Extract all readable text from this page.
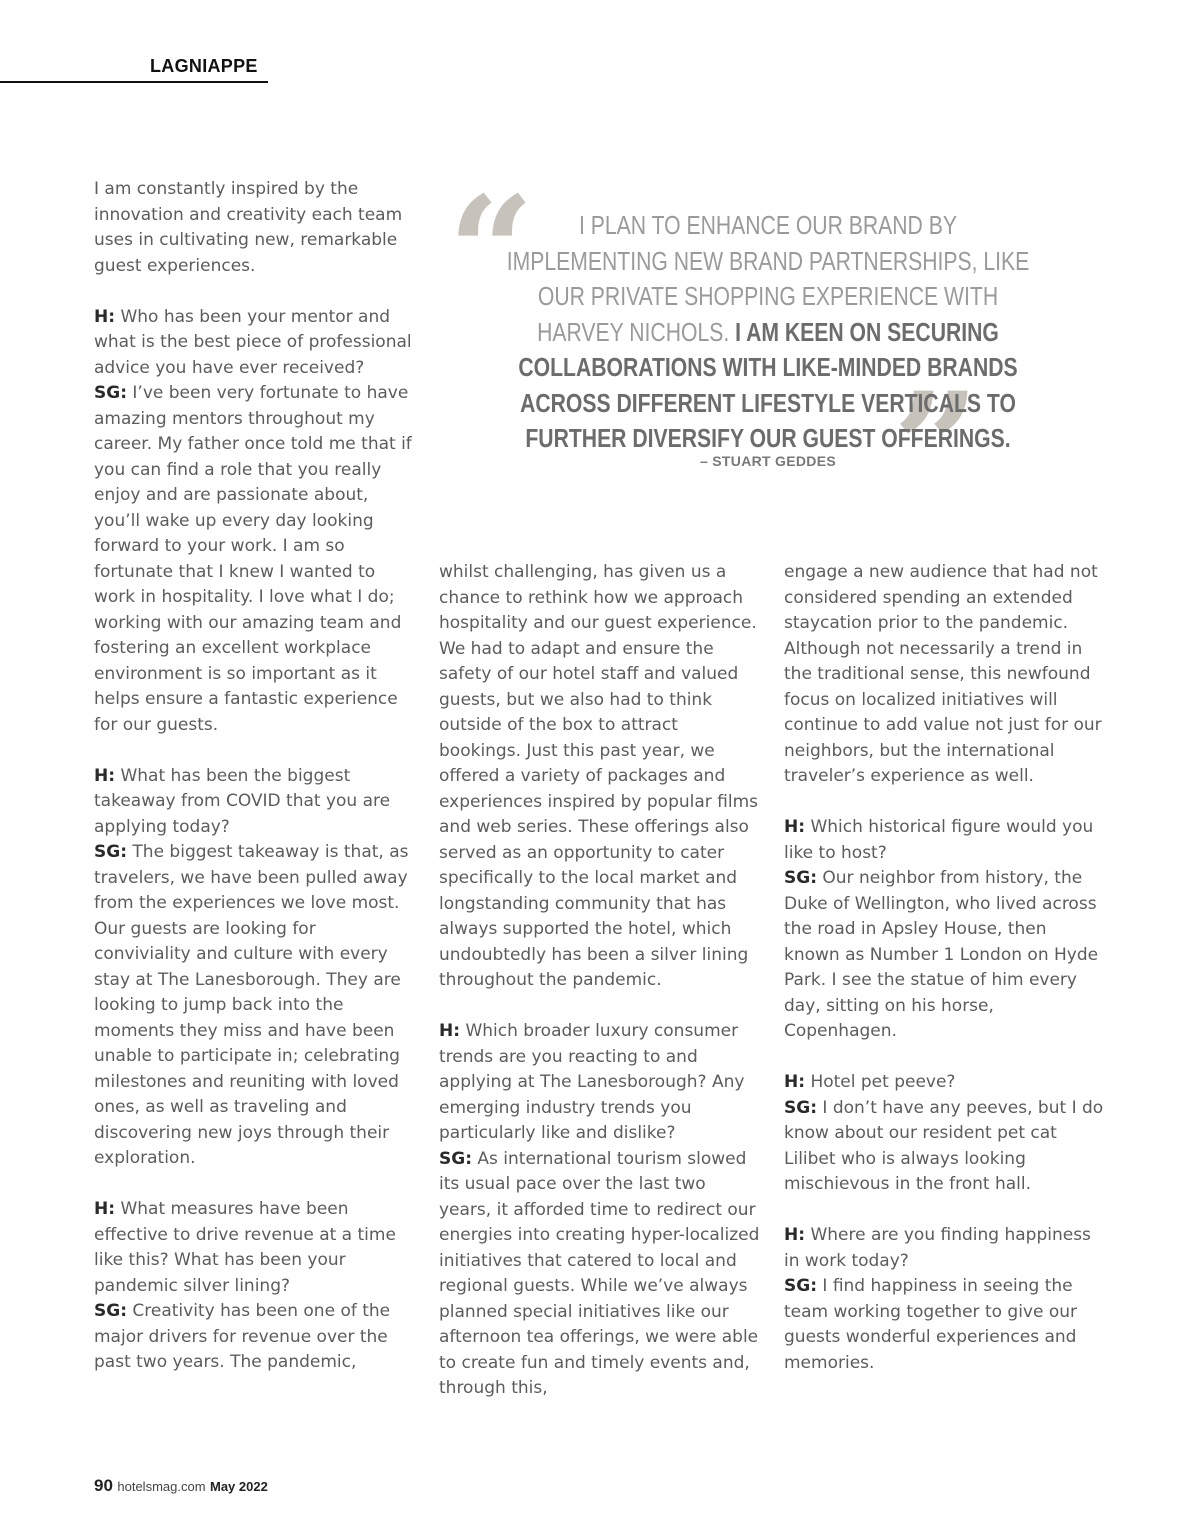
LAGNIAPPE

I am constantly inspired by the innovation and creativity each team uses in cultivating new, remarkable guest experiences.

H: Who has been your mentor and what is the best piece of professional advice you have ever received?
SG: I’ve been very fortunate to have amazing mentors throughout my career. My father once told me that if you can find a role that you really enjoy and are passionate about, you’ll wake up every day looking forward to your work. I am so fortunate that I knew I wanted to work in hospitality. I love what I do; working with our amazing team and fostering an excellent workplace environment is so important as it helps ensure a fantastic experience for our guests.

H: What has been the biggest takeaway from COVID that you are applying today?
SG: The biggest takeaway is that, as travelers, we have been pulled away from the experiences we love most. Our guests are looking for conviviality and culture with every stay at The Lanesborough. They are looking to jump back into the moments they miss and have been unable to participate in; celebrating milestones and reuniting with loved ones, as well as traveling and discovering new joys through their exploration.

H: What measures have been effective to drive revenue at a time like this? What has been your pandemic silver lining?
SG: Creativity has been one of the major drivers for revenue over the past two years. The pandemic,

“
”
I PLAN TO ENHANCE OUR BRAND BY IMPLEMENTING NEW BRAND PARTNERSHIPS, LIKE OUR PRIVATE SHOPPING EXPERIENCE WITH HARVEY NICHOLS. I AM KEEN ON SECURING COLLABORATIONS WITH LIKE-MINDED BRANDS ACROSS DIFFERENT LIFESTYLE VERTICALS TO FURTHER DIVERSIFY OUR GUEST OFFERINGS.
– STUART GEDDES

whilst challenging, has given us a chance to rethink how we approach hospitality and our guest experience. We had to adapt and ensure the safety of our hotel staff and valued guests, but we also had to think outside of the box to attract bookings. Just this past year, we offered a variety of packages and experiences inspired by popular films and web series. These offerings also served as an opportunity to cater specifically to the local market and longstanding community that has always supported the hotel, which undoubtedly has been a silver lining throughout the pandemic.

H: Which broader luxury consumer trends are you reacting to and applying at The Lanesborough? Any emerging industry trends you particularly like and dislike?
SG: As international tourism slowed its usual pace over the last two years, it afforded time to redirect our energies into creating hyper-localized initiatives that catered to local and regional guests. While we’ve always planned special initiatives like our afternoon tea offerings, we were able to create fun and timely events and, through this,

engage a new audience that had not considered spending an extended staycation prior to the pandemic. Although not necessarily a trend in the traditional sense, this newfound focus on localized initiatives will continue to add value not just for our neighbors, but the international traveler’s experience as well.

H: Which historical figure would you like to host?
SG: Our neighbor from history, the Duke of Wellington, who lived across the road in Apsley House, then known as Number 1 London on Hyde Park. I see the statue of him every day, sitting on his horse, Copenhagen.

H: Hotel pet peeve?
SG: I don’t have any peeves, but I do know about our resident pet cat Lilibet who is always looking mischievous in the front hall.

H: Where are you finding happiness in work today?
SG: I find happiness in seeing the team working together to give our guests wonderful experiences and memories.

90 hotelsmag.com May 2022
